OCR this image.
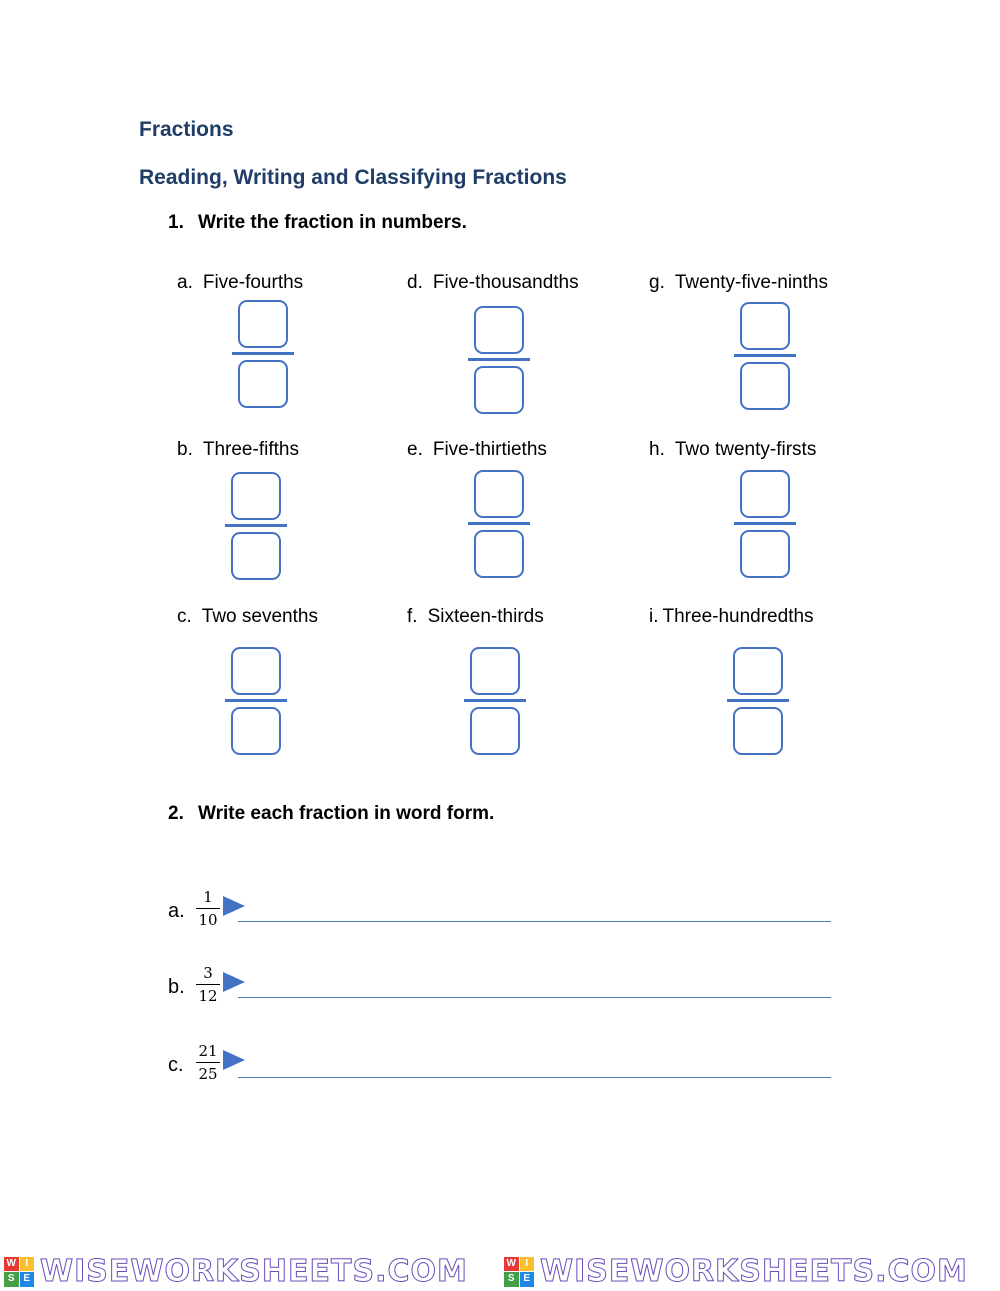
Fractions
Reading, Writing and Classifying Fractions
1. Write the fraction in numbers.
a. Five-fourths
b. Three-fifths
c. Two sevenths
d. Five-thousandths
e. Five-thirtieths
f. Sixteen-thirds
g. Twenty-five-ninths
h. Two twenty-firsts
i. Three-hundredths
2. Write each fraction in word form.
a.
1
10
b.
3
12
c.
21
25
W I
S E WISEWORKSHEETS.COM	W I
S E WISEWORKSHEETS.COM
